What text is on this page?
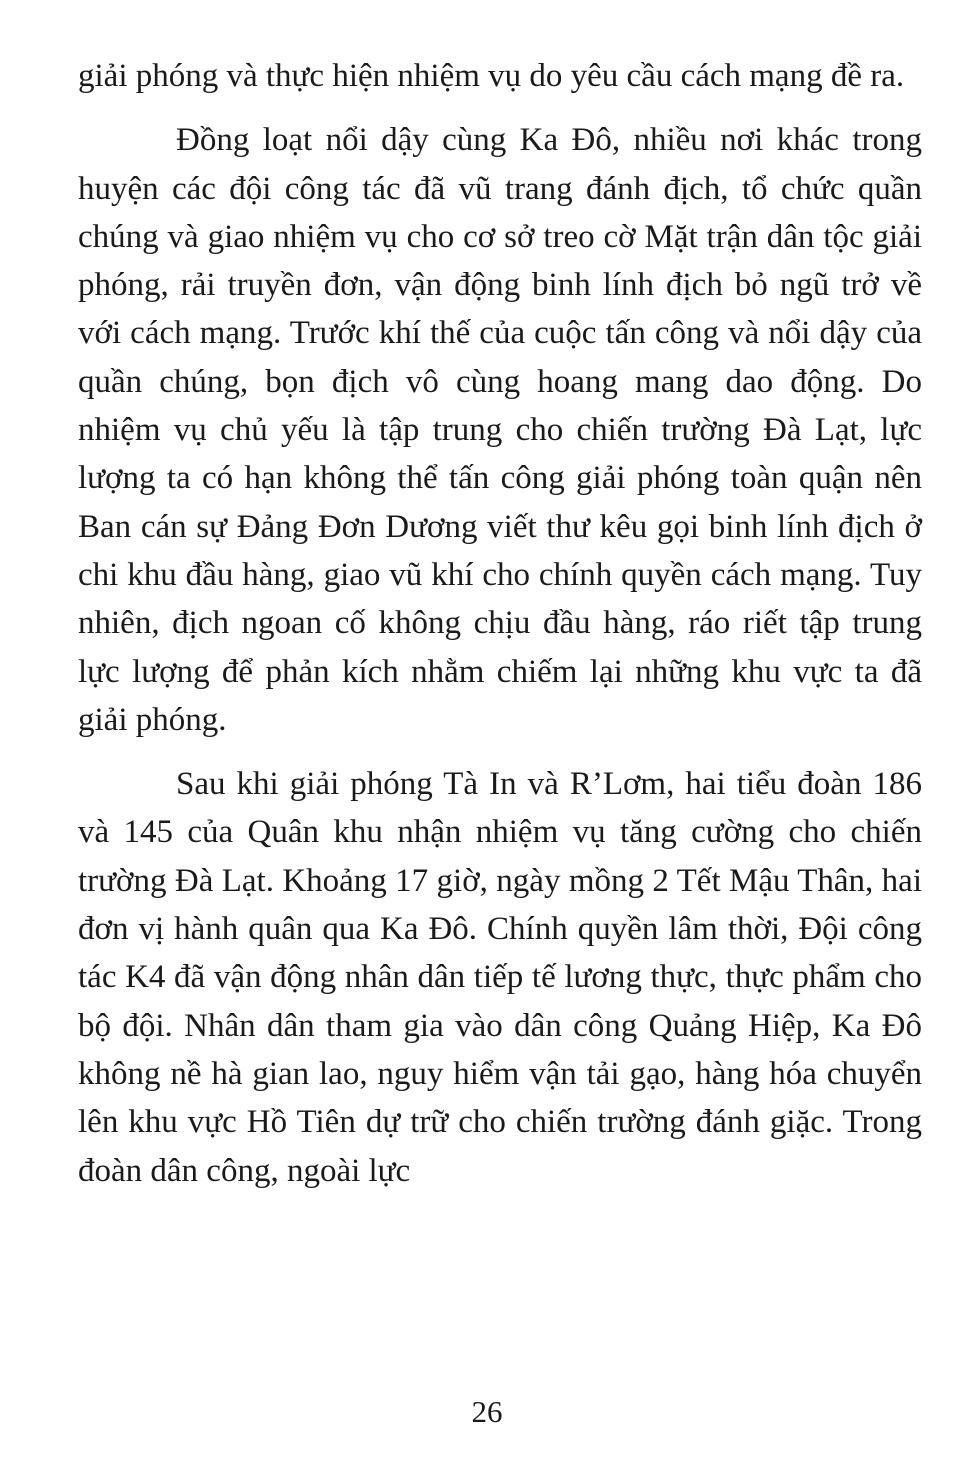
giải phóng và thực hiện nhiệm vụ do yêu cầu cách mạng đề ra.

Đồng loạt nổi dậy cùng Ka Đô, nhiều nơi khác trong huyện các đội công tác đã vũ trang đánh địch, tổ chức quần chúng và giao nhiệm vụ cho cơ sở treo cờ Mặt trận dân tộc giải phóng, rải truyền đơn, vận động binh lính địch bỏ ngũ trở về với cách mạng. Trước khí thế của cuộc tấn công và nổi dậy của quần chúng, bọn địch vô cùng hoang mang dao động. Do nhiệm vụ chủ yếu là tập trung cho chiến trường Đà Lạt, lực lượng ta có hạn không thể tấn công giải phóng toàn quận nên Ban cán sự Đảng Đơn Dương viết thư kêu gọi binh lính địch ở chi khu đầu hàng, giao vũ khí cho chính quyền cách mạng. Tuy nhiên, địch ngoan cố không chịu đầu hàng, ráo riết tập trung lực lượng để phản kích nhằm chiếm lại những khu vực ta đã giải phóng.

Sau khi giải phóng Tà In và R’Lơm, hai tiểu đoàn 186 và 145 của Quân khu nhận nhiệm vụ tăng cường cho chiến trường Đà Lạt. Khoảng 17 giờ, ngày mồng 2 Tết Mậu Thân, hai đơn vị hành quân qua Ka Đô. Chính quyền lâm thời, Đội công tác K4 đã vận động nhân dân tiếp tế lương thực, thực phẩm cho bộ đội. Nhân dân tham gia vào dân công Quảng Hiệp, Ka Đô không nề hà gian lao, nguy hiểm vận tải gạo, hàng hóa chuyển lên khu vực Hồ Tiên dự trữ cho chiến trường đánh giặc. Trong đoàn dân công, ngoài lực

26
